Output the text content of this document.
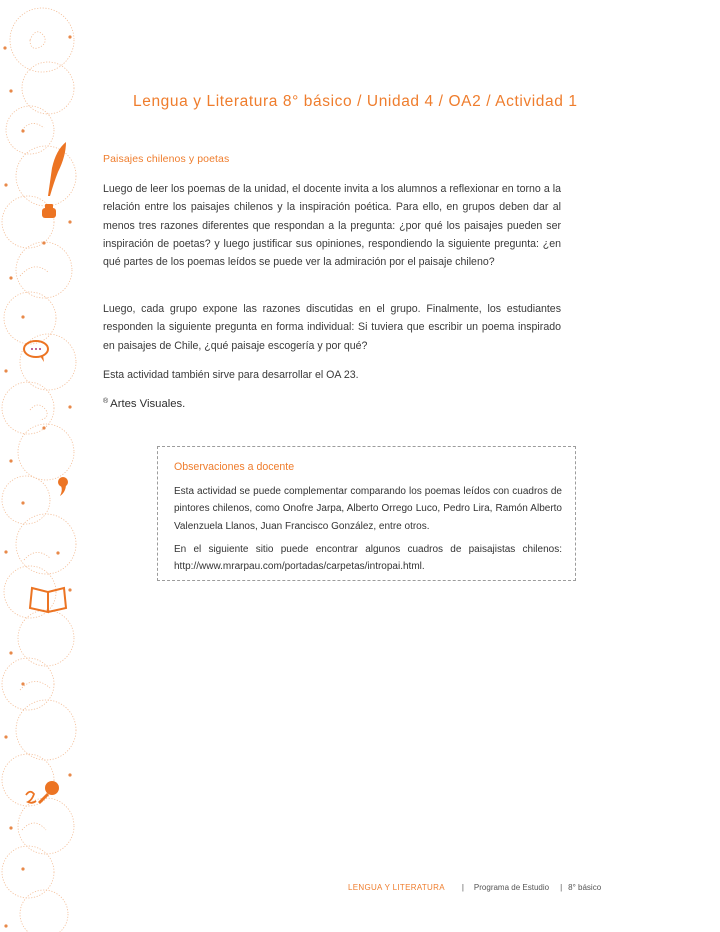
Lengua y Literatura 8° básico / Unidad 4 / OA2 / Actividad 1
Paisajes chilenos y poetas

Luego de leer los poemas de la unidad, el docente invita a los alumnos a reflexionar en torno a la relación entre los paisajes chilenos y la inspiración poética. Para ello, en grupos deben dar al menos tres razones diferentes que respondan a la pregunta: ¿por qué los paisajes pueden ser inspiración de poetas? y luego justificar sus opiniones, respondiendo la siguiente pregunta: ¿en qué partes de los poemas leídos se puede ver la admiración por el paisaje chileno?

Luego, cada grupo expone las razones discutidas en el grupo. Finalmente, los estudiantes responden la siguiente pregunta en forma individual: Si tuviera que escribir un poema inspirado en paisajes de Chile, ¿qué paisaje escogería y por qué?

Esta actividad también sirve para desarrollar el OA 23.

® Artes Visuales.
Observaciones a docente

Esta actividad se puede complementar comparando los poemas leídos con cuadros de pintores chilenos, como Onofre Jarpa, Alberto Orrego Luco, Pedro Lira, Ramón Alberto Valenzuela Llanos, Juan Francisco González, entre otros.

En el siguiente sitio puede encontrar algunos cuadros de paisajistas chilenos: http://www.mrarpau.com/portadas/carpetas/intropai.html.

LENGUA Y LITERATURA | Programa de Estudio | 8° básico
